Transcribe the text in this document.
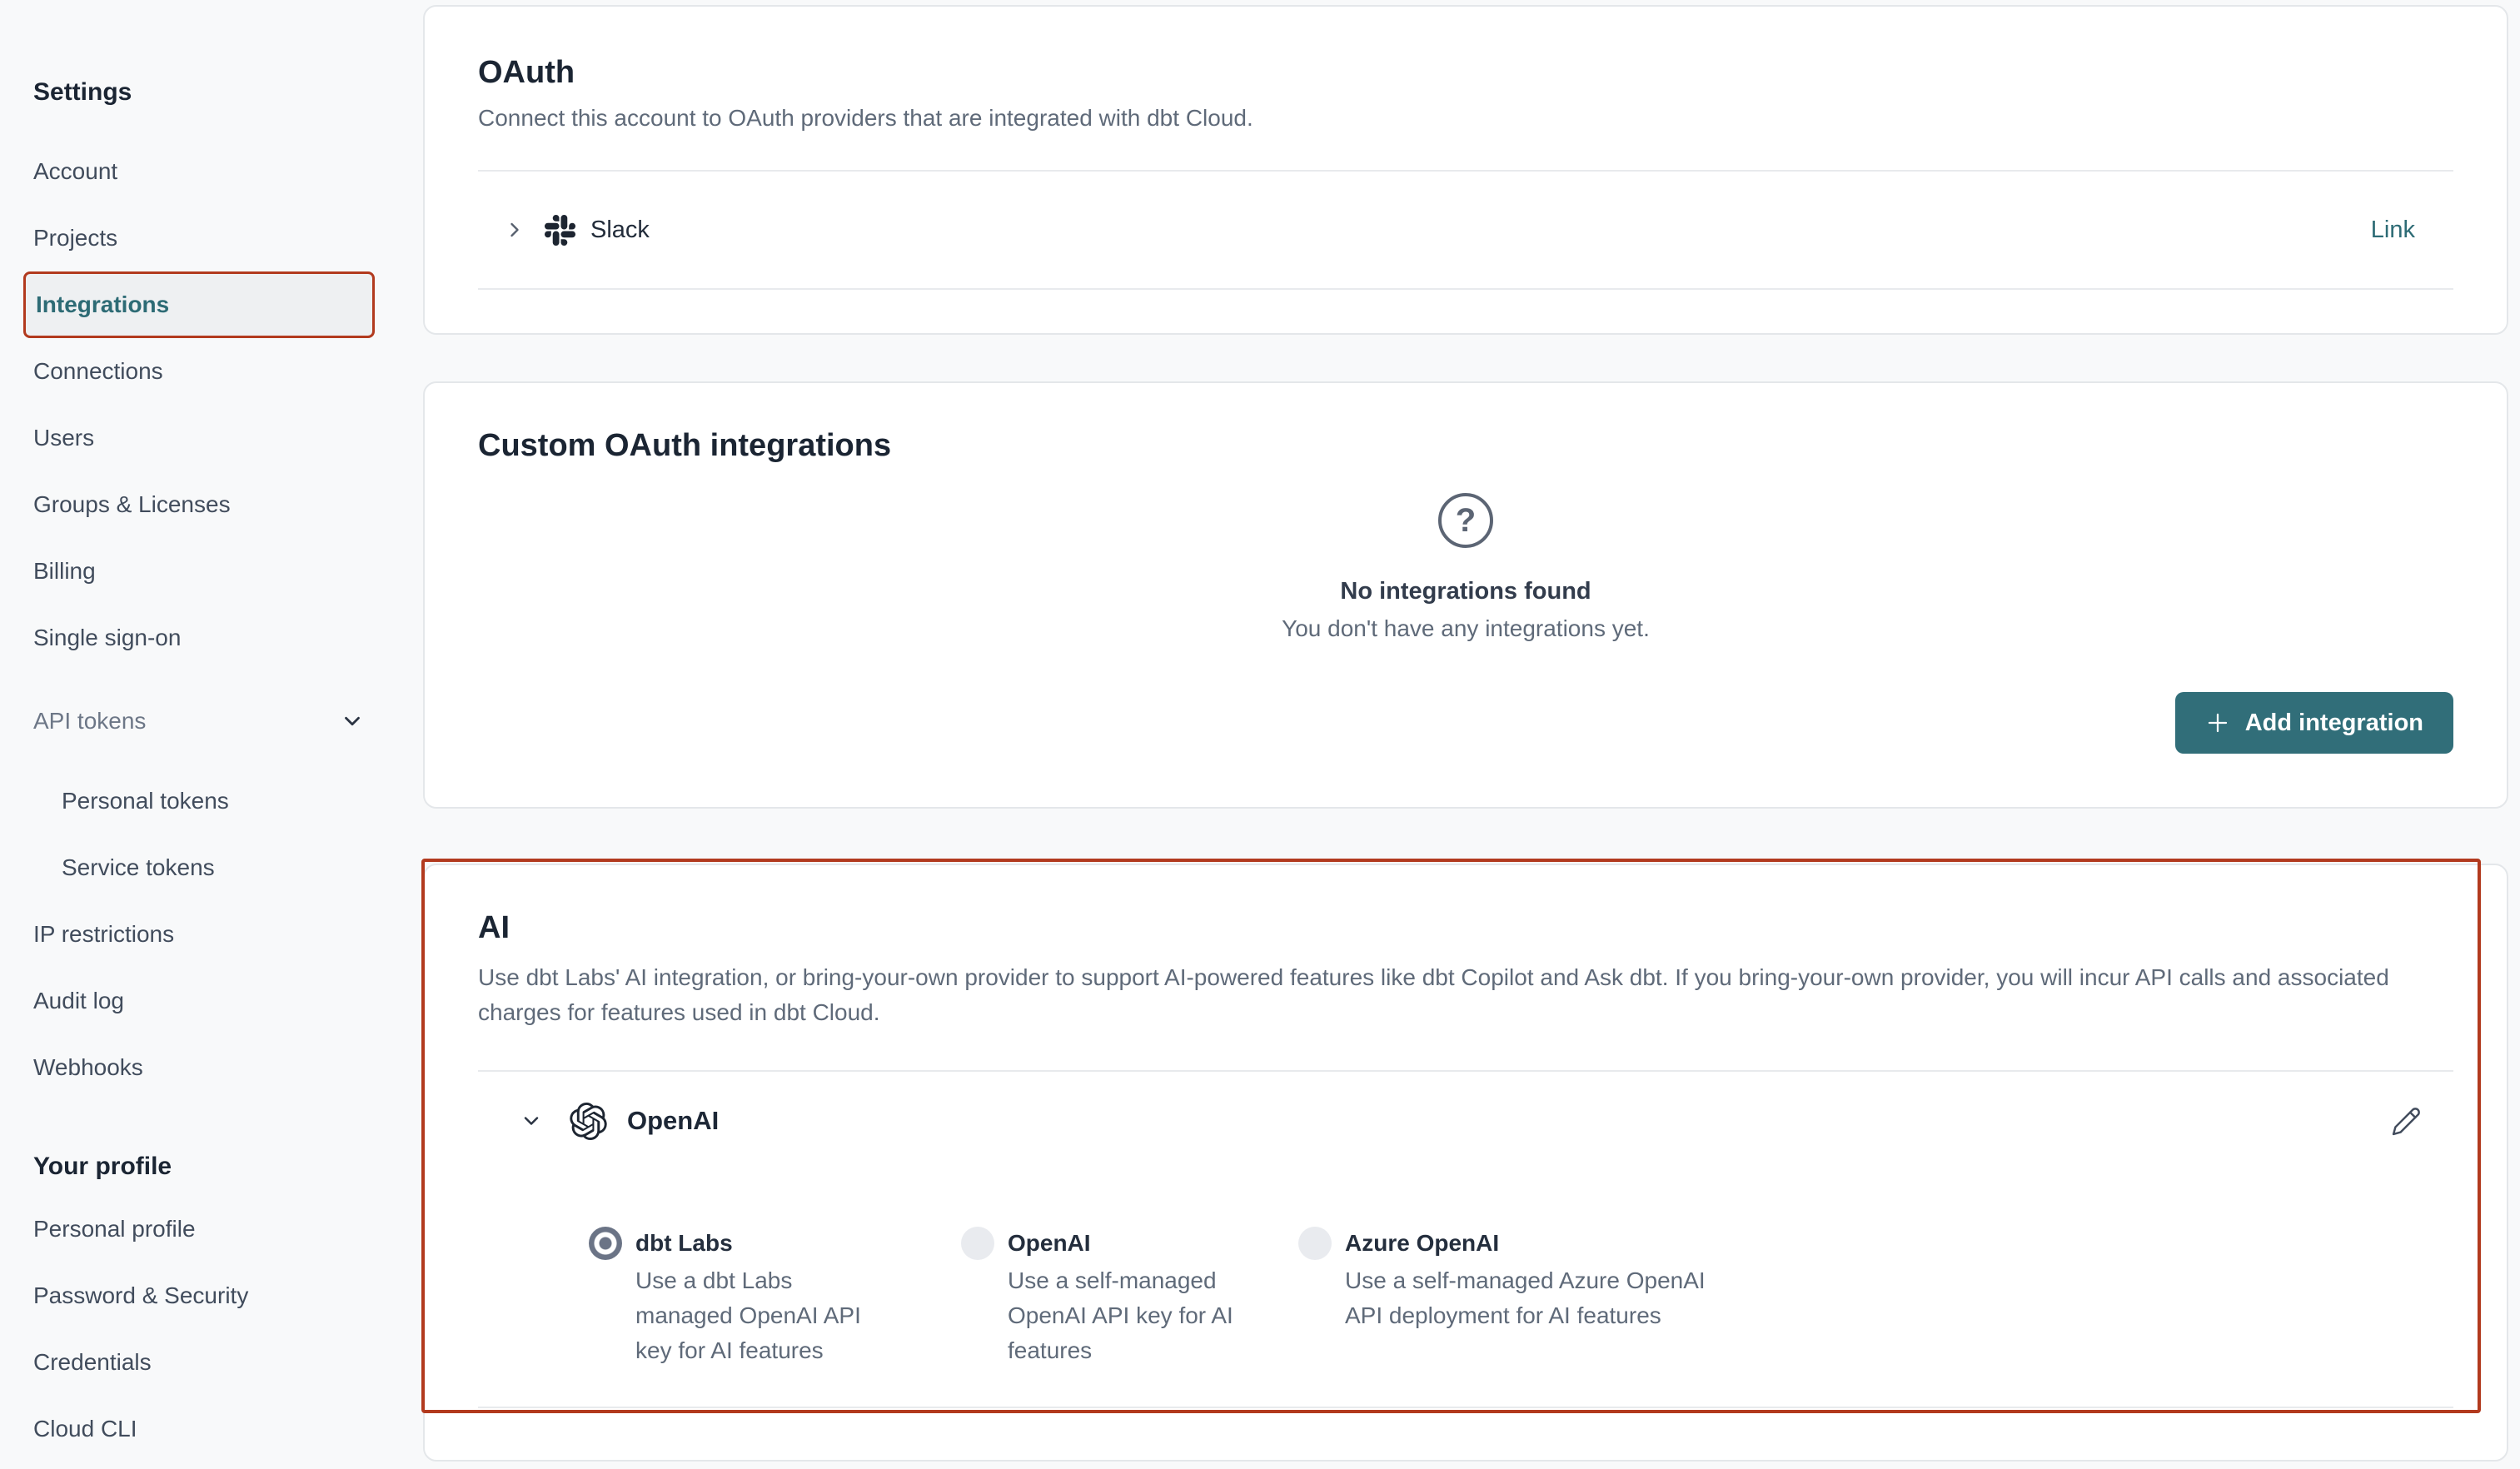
Settings
Account
Projects
Integrations
Connections
Users
Groups & Licenses
Billing
Single sign-on
API tokens
Personal tokens
Service tokens
IP restrictions
Audit log
Webhooks
Your profile
Personal profile
Password & Security
Credentials
Cloud CLI
OAuth
Connect this account to OAuth providers that are integrated with dbt Cloud.
Slack	Link
Custom OAuth integrations
?
No integrations found
You don't have any integrations yet.
Add integration
AI
Use dbt Labs' AI integration, or bring-your-own provider to support AI-powered features like dbt Copilot and Ask dbt. If you bring-your-own provider, you will incur API calls and associated charges for features used in dbt Cloud.
OpenAI
dbt Labs
Use a dbt Labs managed OpenAI API key for AI features
OpenAI
Use a self-managed OpenAI API key for AI features
Azure OpenAI
Use a self-managed Azure OpenAI API deployment for AI features
